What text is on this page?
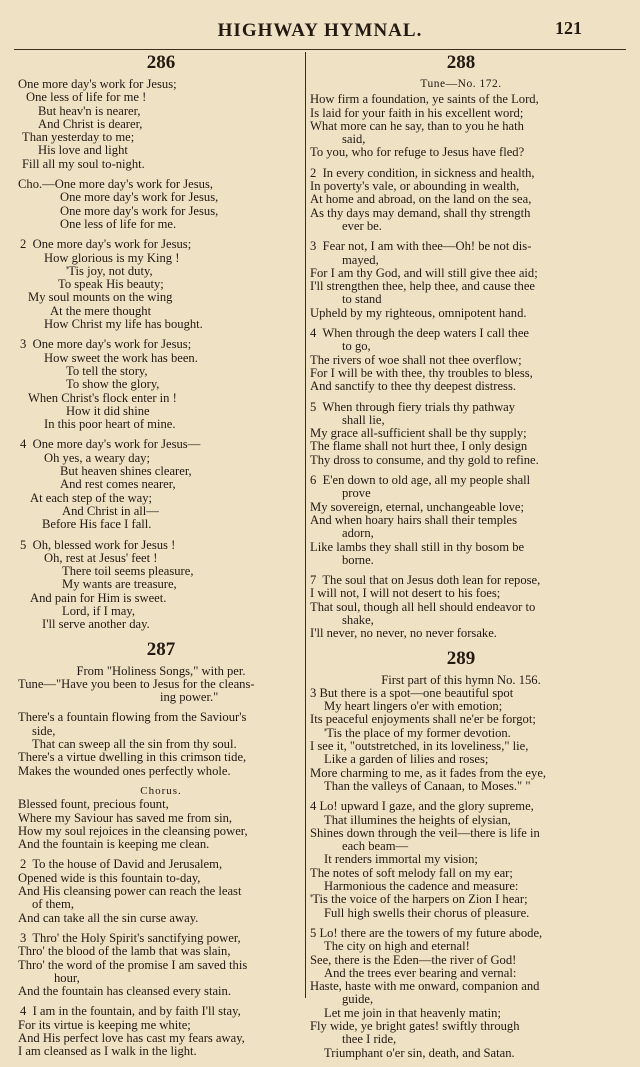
HIGHWAY HYMNAL.	121
286
One more day's work for Jesus;
One less of life for me !
But heav'n is nearer,
And Christ is dearer,
Than yesterday to me;
His love and light
Fill all my soul to-night.
Cho.—One more day's work for Jesus,
One more day's work for Jesus,
One more day's work for Jesus,
One less of life for me.
2  One more day's work for Jesus;
How glorious is my King !
'Tis joy, not duty,
To speak His beauty;
My soul mounts on the wing
At the mere thought
How Christ my life has bought.
3  One more day's work for Jesus;
How sweet the work has been.
To tell the story,
To show the glory,
When Christ's flock enter in !
How it did shine
In this poor heart of mine.
4  One more day's work for Jesus—
Oh yes, a weary day;
But heaven shines clearer,
And rest comes nearer,
At each step of the way;
And Christ in all—
Before His face I fall.
5  Oh, blessed work for Jesus !
Oh, rest at Jesus' feet !
There toil seems pleasure,
My wants are treasure,
And pain for Him is sweet.
Lord, if I may,
I'll serve another day.
287
From "Holiness Songs," with per.
Tune—"Have you been to Jesus for the cleans-
ing power."
There's a fountain flowing from the Saviour's
side,
That can sweep all the sin from thy soul.
There's a virtue dwelling in this crimson tide,
Makes the wounded ones perfectly whole.
Chorus.
Blessed fount, precious fount,
Where my Saviour has saved me from sin,
How my soul rejoices in the cleansing power,
And the fountain is keeping me clean.
2  To the house of David and Jerusalem,
Opened wide is this fountain to-day,
And His cleansing power can reach the least
of them,
And can take all the sin curse away.
3  Thro' the Holy Spirit's sanctifying power,
Thro' the blood of the lamb that was slain,
Thro' the word of the promise I am saved this
hour,
And the fountain has cleansed every stain.
4  I am in the fountain, and by faith I'll stay,
For its virtue is keeping me white;
And His perfect love has cast my fears away,
I am cleansed as I walk in the light.
288
Tune—No. 172.
How firm a foundation, ye saints of the Lord,
Is laid for your faith in his excellent word;
What more can he say, than to you he hath
said,
To you, who for refuge to Jesus have fled?
2  In every condition, in sickness and health,
In poverty's vale, or abounding in wealth,
At home and abroad, on the land on the sea,
As thy days may demand, shall thy strength
ever be.
3  Fear not, I am with thee—Oh! be not dis-
mayed,
For I am thy God, and will still give thee aid;
I'll strengthen thee, help thee, and cause thee
to stand
Upheld by my righteous, omnipotent hand.
4  When through the deep waters I call thee
to go,
The rivers of woe shall not thee overflow;
For I will be with thee, thy troubles to bless,
And sanctify to thee thy deepest distress.
5  When through fiery trials thy pathway
shall lie,
My grace all-sufficient shall be thy supply;
The flame shall not hurt thee, I only design
Thy dross to consume, and thy gold to refine.
6  E'en down to old age, all my people shall
prove
My sovereign, eternal, unchangeable love;
And when hoary hairs shall their temples
adorn,
Like lambs they shall still in thy bosom be
borne.
7  The soul that on Jesus doth lean for repose,
I will not, I will not desert to his foes;
That soul, though all hell should endeavor to
shake,
I'll never, no never, no never forsake.
289
First part of this hymn No. 156.
3 But there is a spot—one beautiful spot
My heart lingers o'er with emotion;
Its peaceful enjoyments shall ne'er be forgot;
'Tis the place of my former devotion.
I see it, "outstretched, in its loveliness," lie,
Like a garden of lilies and roses;
More charming to me, as it fades from the eye,
Than the valleys of Canaan, to Moses." "
4 Lo! upward I gaze, and the glory supreme,
That illumines the heights of elysian,
Shines down through the veil—there is life in
each beam—
It renders immortal my vision;
The notes of soft melody fall on my ear;
Harmonious the cadence and measure:
'Tis the voice of the harpers on Zion I hear;
Full high swells their chorus of pleasure.
5 Lo! there are the towers of my future abode,
The city on high and eternal!
See, there is the Eden—the river of God!
And the trees ever bearing and vernal:
Haste, haste with me onward, companion and
guide,
Let me join in that heavenly matin;
Fly wide, ye bright gates! swiftly through
thee I ride,
Triumphant o'er sin, death, and Satan.
